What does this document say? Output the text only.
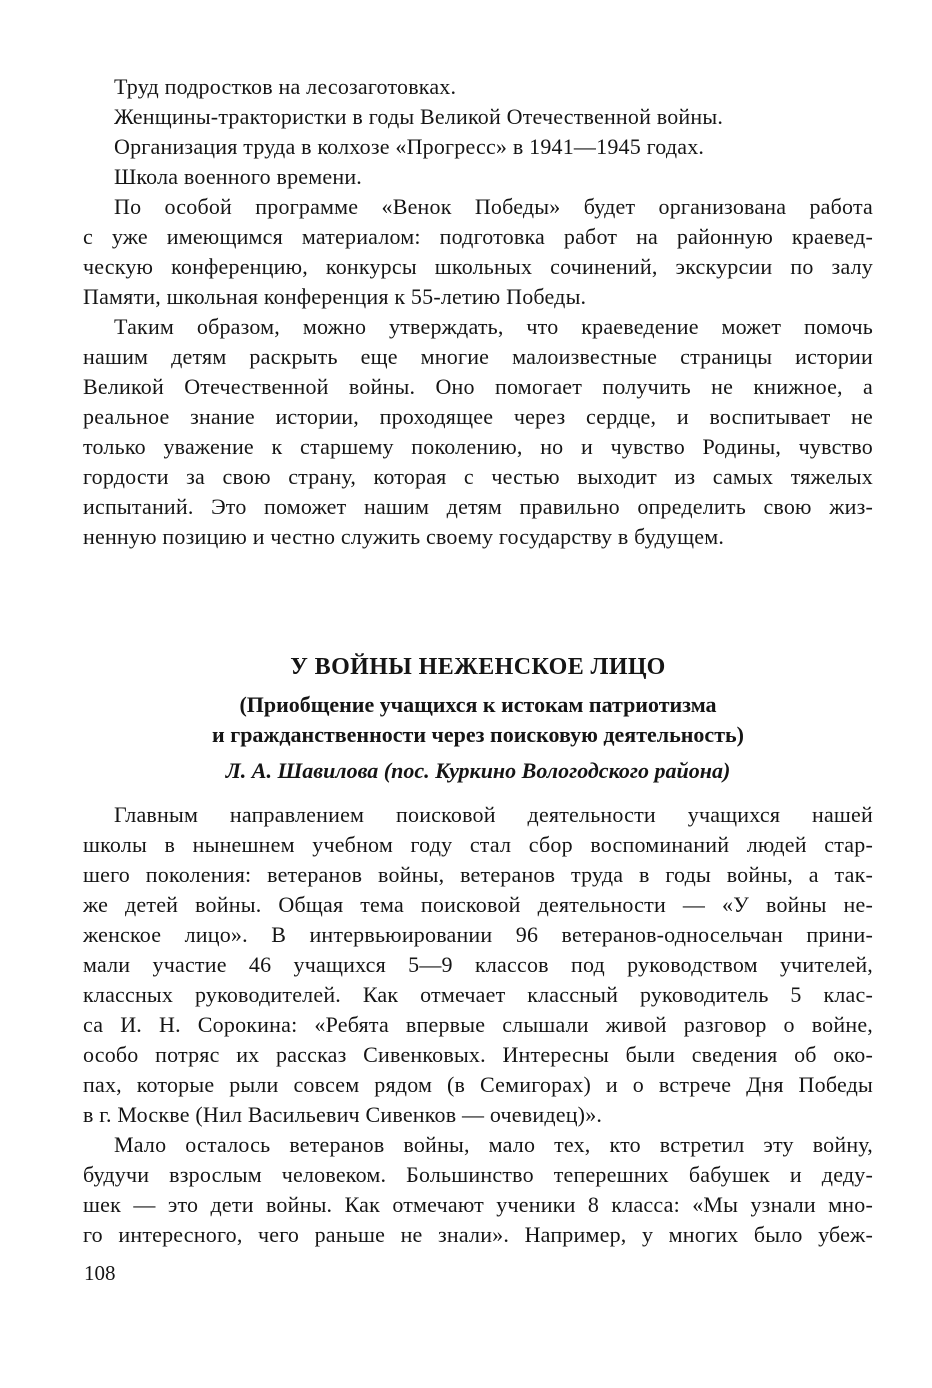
Труд подростков на лесозаготовках.
Женщины-трактористки в годы Великой Отечественной войны.
Организация труда в колхозе «Прогресс» в 1941—1945 годах.
Школа военного времени.
По особой программе «Венок Победы» будет организована работа
с уже имеющимся материалом: подготовка работ на районную краевед-
ческую конференцию, конкурсы школьных сочинений, экскурсии по залу
Памяти, школьная конференция к 55-летию Победы.
Таким образом, можно утверждать, что краеведение может помочь
нашим детям раскрыть еще многие малоизвестные страницы истории
Великой Отечественной войны. Оно помогает получить не книжное, а
реальное знание истории, проходящее через сердце, и воспитывает не
только уважение к старшему поколению, но и чувство Родины, чувство
гордости за свою страну, которая с честью выходит из самых тяжелых
испытаний. Это поможет нашим детям правильно определить свою жиз-
ненную позицию и честно служить своему государству в будущем.
У ВОЙНЫ НЕЖЕНСКОЕ ЛИЦО
(Приобщение учащихся к истокам патриотизма
и гражданственности через поисковую деятельность)
Л. А. Шавилова (пос. Куркино Вологодского района)
Главным направлением поисковой деятельности учащихся нашей
школы в нынешнем учебном году стал сбор воспоминаний людей стар-
шего поколения: ветеранов войны, ветеранов труда в годы войны, а так-
же детей войны. Общая тема поисковой деятельности — «У войны не-
женское лицо». В интервьюировании 96 ветеранов-односельчан прини-
мали участие 46 учащихся 5—9 классов под руководством учителей,
классных руководителей. Как отмечает классный руководитель 5 клас-
са И. Н. Сорокина: «Ребята впервые слышали живой разговор о войне,
особо потряс их рассказ Сивенковых. Интересны были сведения об око-
пах, которые рыли совсем рядом (в Семигорах) и о встрече Дня Победы
в г. Москве (Нил Васильевич Сивенков — очевидец)».
Мало осталось ветеранов войны, мало тех, кто встретил эту войну,
будучи взрослым человеком. Большинство теперешних бабушек и деду-
шек — это дети войны. Как отмечают ученики 8 класса: «Мы узнали мно-
го интересного, чего раньше не знали». Например, у многих было убеж-
108
